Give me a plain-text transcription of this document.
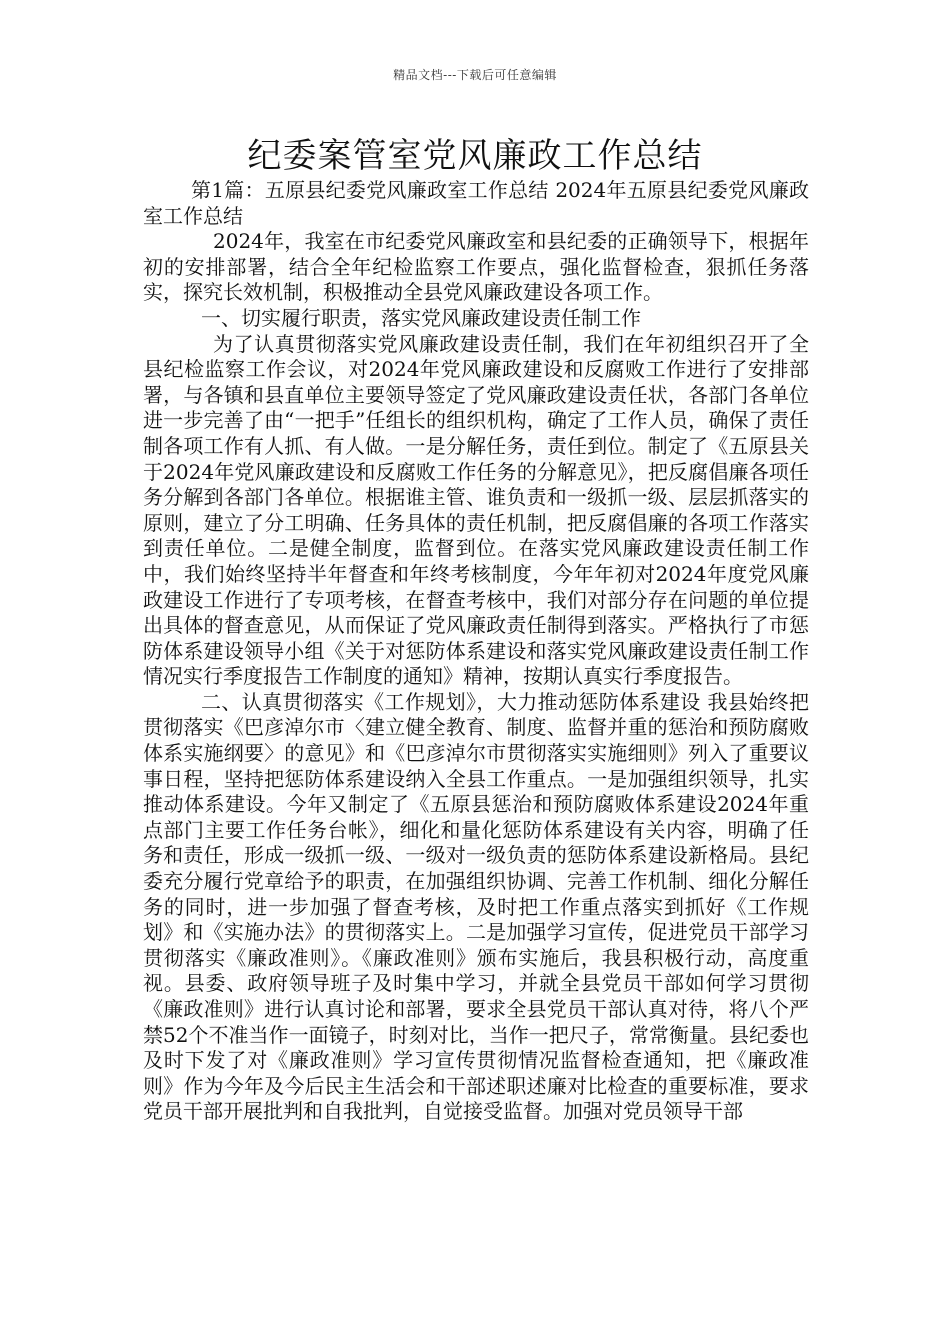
精品文档---下载后可任意编辑
纪委案管室党风廉政工作总结

第1篇：五原县纪委党风廉政室工作总结 2024年五原县纪委党风廉政室工作总结

2024年，我室在市纪委党风廉政室和县纪委的正确领导下，根据年初的安排部署，结合全年纪检监察工作要点，强化监督检查，狠抓任务落实，探究长效机制，积极推动全县党风廉政建设各项工作。

一、切实履行职责，落实党风廉政建设责任制工作

为了认真贯彻落实党风廉政建设责任制，我们在年初组织召开了全县纪检监察工作会议，对2024年党风廉政建设和反腐败工作进行了安排部署，与各镇和县直单位主要领导签定了党风廉政建设责任状，各部门各单位进一步完善了由“一把手”任组长的组织机构，确定了工作人员，确保了责任制各项工作有人抓、有人做。一是分解任务，责任到位。制定了《五原县关于2024年党风廉政建设和反腐败工作任务的分解意见》，把反腐倡廉各项任务分解到各部门各单位。根据谁主管、谁负责和一级抓一级、层层抓落实的原则，建立了分工明确、任务具体的责任机制，把反腐倡廉的各项工作落实到责任单位。二是健全制度，监督到位。在落实党风廉政建设责任制工作中，我们始终坚持半年督查和年终考核制度，今年年初对2024年度党风廉政建设工作进行了专项考核，在督查考核中，我们对部分存在问题的单位提出具体的督查意见，从而保证了党风廉政责任制得到落实。严格执行了市惩防体系建设领导小组《关于对惩防体系建设和落实党风廉政建设责任制工作情况实行季度报告工作制度的通知》精神，按期认真实行季度报告。

二、认真贯彻落实《工作规划》，大力推动惩防体系建设 我县始终把贯彻落实《巴彦淖尔市〈建立健全教育、制度、监督并重的惩治和预防腐败体系实施纲要〉的意见》和《巴彦淖尔市贯彻落实实施细则》列入了重要议事日程，坚持把惩防体系建设纳入全县工作重点。一是加强组织领导，扎实推动体系建设。今年又制定了《五原县惩治和预防腐败体系建设2024年重点部门主要工作任务台帐》，细化和量化惩防体系建设有关内容，明确了任务和责任，形成一级抓一级、一级对一级负责的惩防体系建设新格局。县纪委充分履行党章给予的职责，在加强组织协调、完善工作机制、细化分解任务的同时，进一步加强了督查考核，及时把工作重点落实到抓好《工作规划》和《实施办法》的贯彻落实上。二是加强学习宣传，促进党员干部学习贯彻落实《廉政准则》。《廉政准则》颁布实施后，我县积极行动，高度重视。县委、政府领导班子及时集中学习，并就全县党员干部如何学习贯彻《廉政准则》进行认真讨论和部署，要求全县党员干部认真对待，将八个严禁52个不准当作一面镜子，时刻对比，当作一把尺子，常常衡量。县纪委也及时下发了对《廉政准则》学习宣传贯彻情况监督检查通知，把《廉政准则》作为今年及今后民主生活会和干部述职述廉对比检查的重要标准，要求党员干部开展批判和自我批判，自觉接受监督。加强对党员领导干部
